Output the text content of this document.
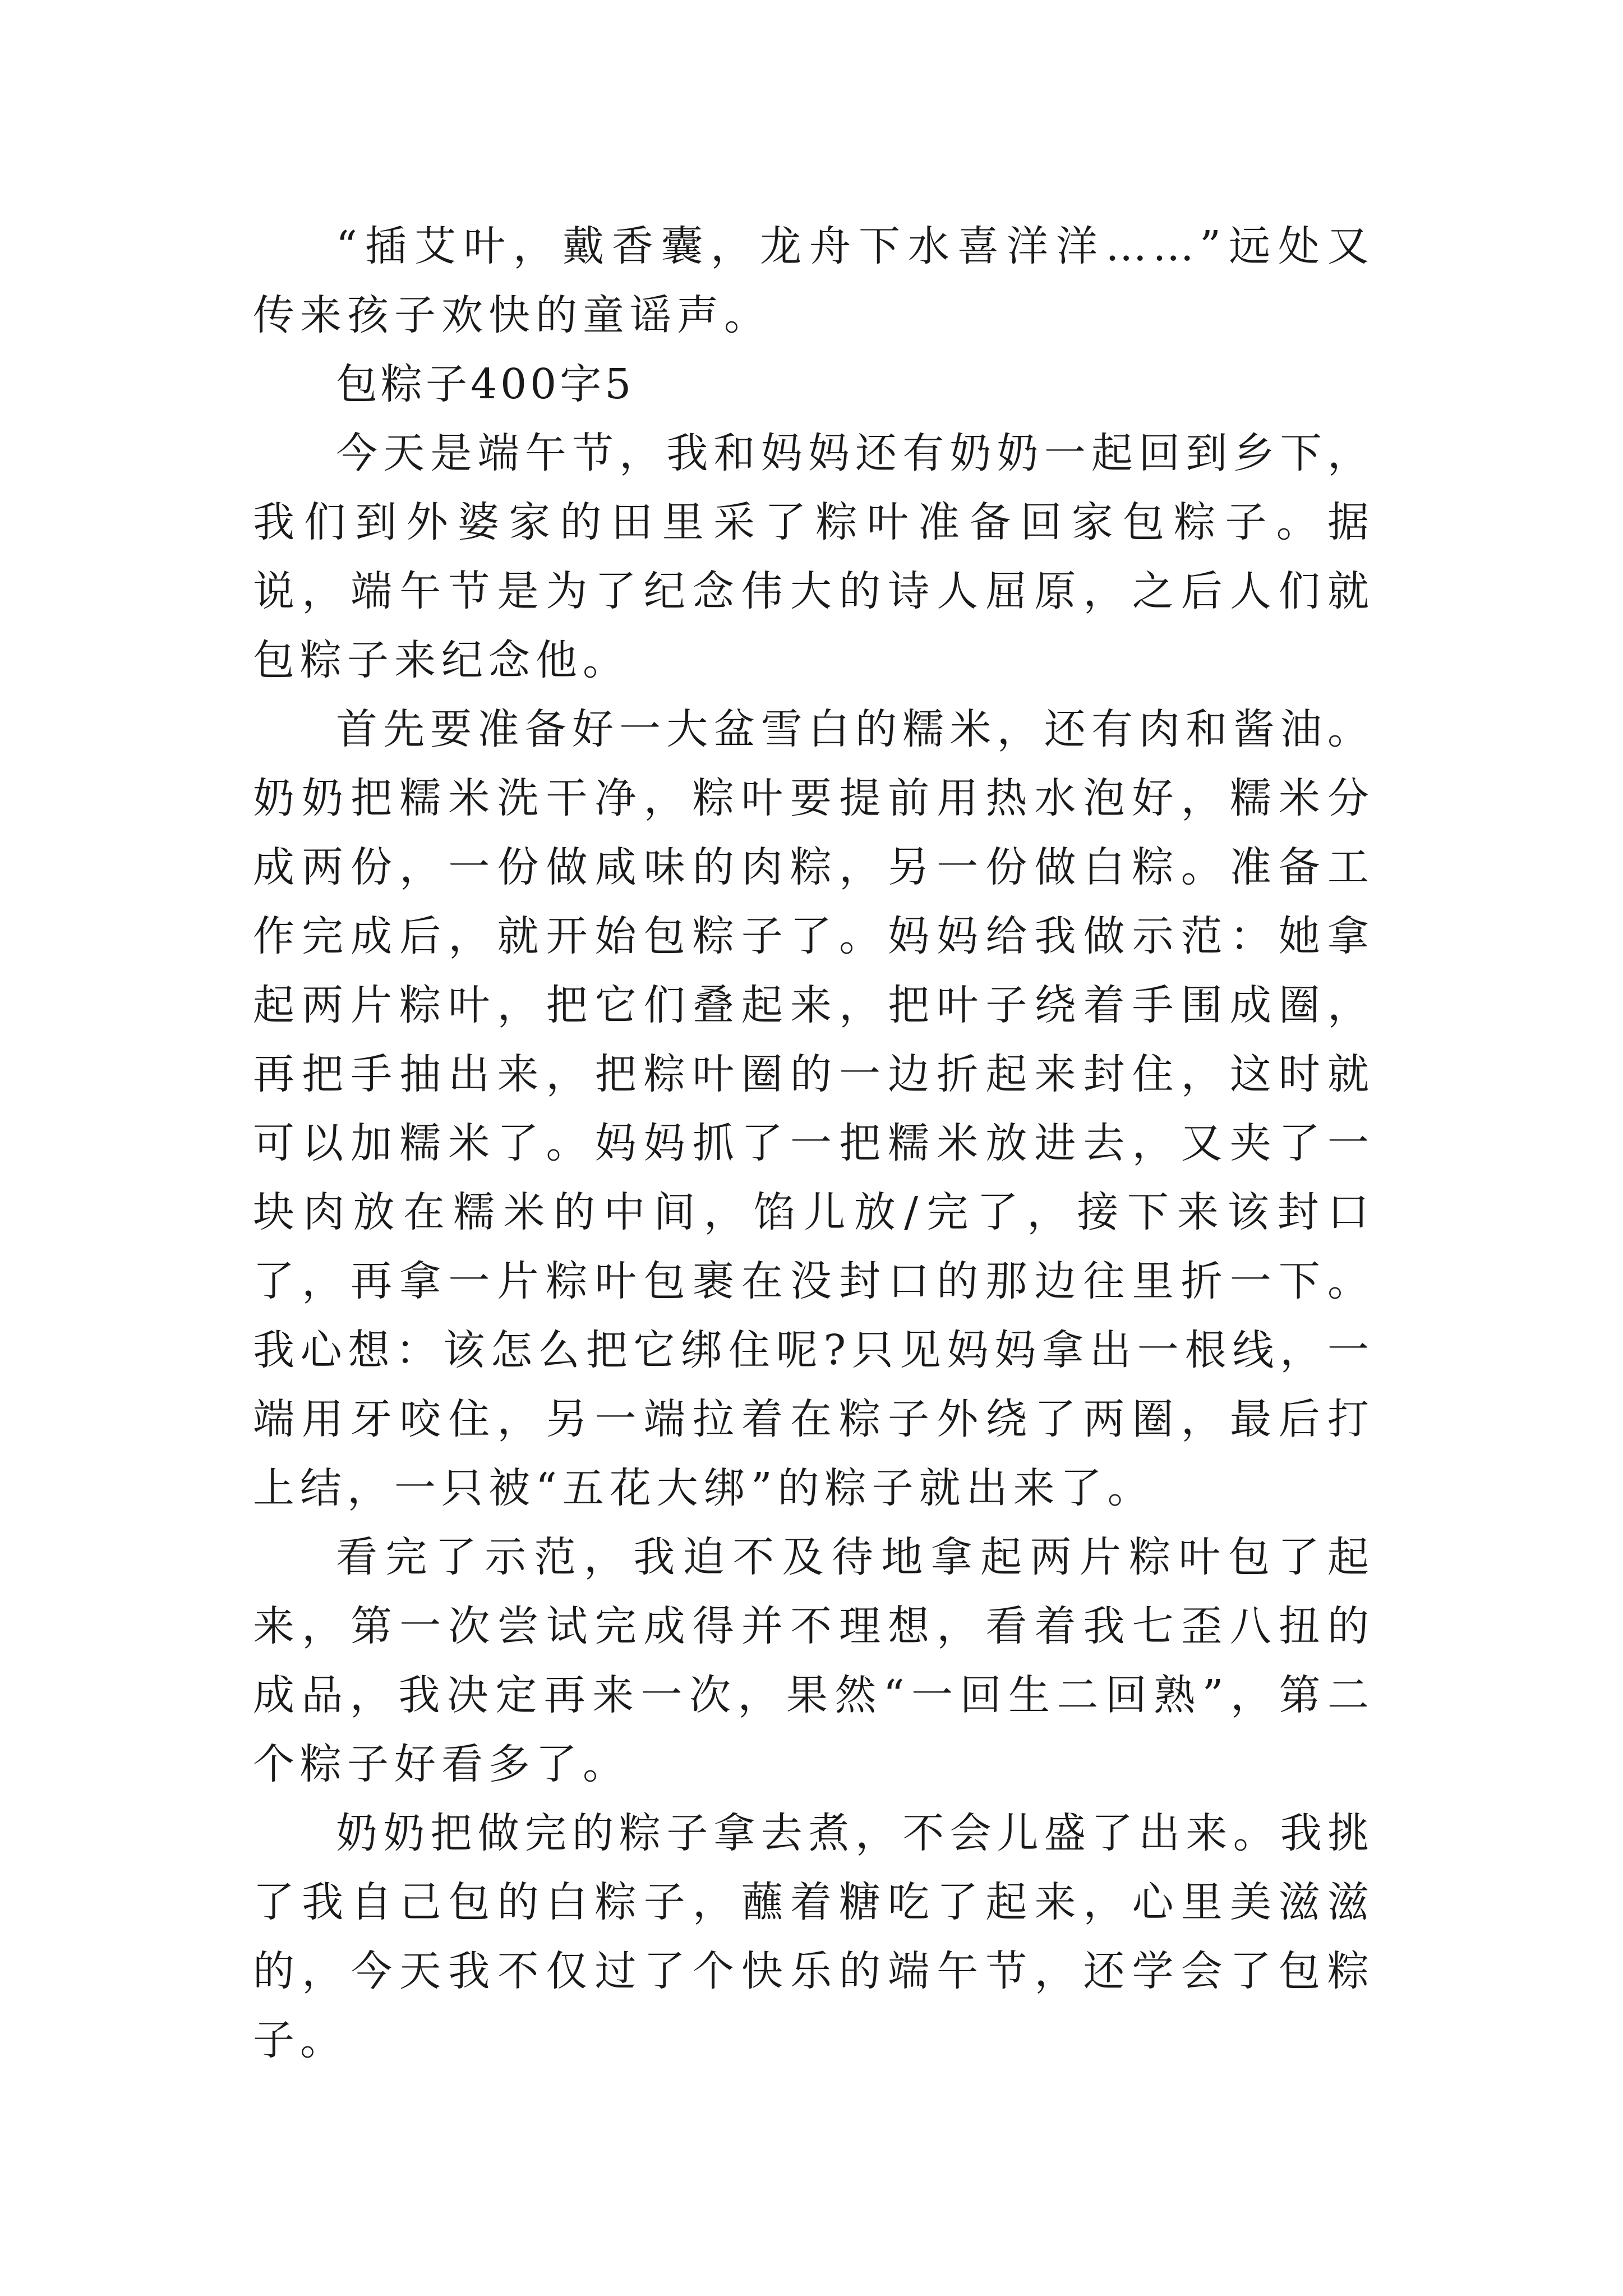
“插艾叶，戴香囊，龙舟下水喜洋洋……”远处又传来孩子欢快的童谣声。

包粽子400字5

今天是端午节，我和妈妈还有奶奶一起回到乡下，我们到外婆家的田里采了粽叶准备回家包粽子。据说，端午节是为了纪念伟大的诗人屈原，之后人们就包粽子来纪念他。

首先要准备好一大盆雪白的糯米，还有肉和酱油。奶奶把糯米洗干净，粽叶要提前用热水泡好，糯米分成两份，一份做咸味的肉粽，另一份做白粽。准备工作完成后，就开始包粽子了。妈妈给我做示范：她拿起两片粽叶，把它们叠起来，把叶子绕着手围成圈，再把手抽出来，把粽叶圈的一边折起来封住，这时就可以加糯米了。妈妈抓了一把糯米放进去，又夹了一块肉放在糯米的中间，馅儿放/完了，接下来该封口了，再拿一片粽叶包裹在没封口的那边往里折一下。我心想：该怎么把它绑住呢?只见妈妈拿出一根线，一端用牙咬住，另一端拉着在粽子外绕了两圈，最后打上结，一只被“五花大绑”的粽子就出来了。

看完了示范，我迫不及待地拿起两片粽叶包了起来，第一次尝试完成得并不理想，看着我七歪八扭的成品，我决定再来一次，果然“一回生二回熟”，第二个粽子好看多了。

奶奶把做完的粽子拿去煮，不会儿盛了出来。我挑了我自己包的白粽子，蘸着糖吃了起来，心里美滋滋的，今天我不仅过了个快乐的端午节，还学会了包粽子。
